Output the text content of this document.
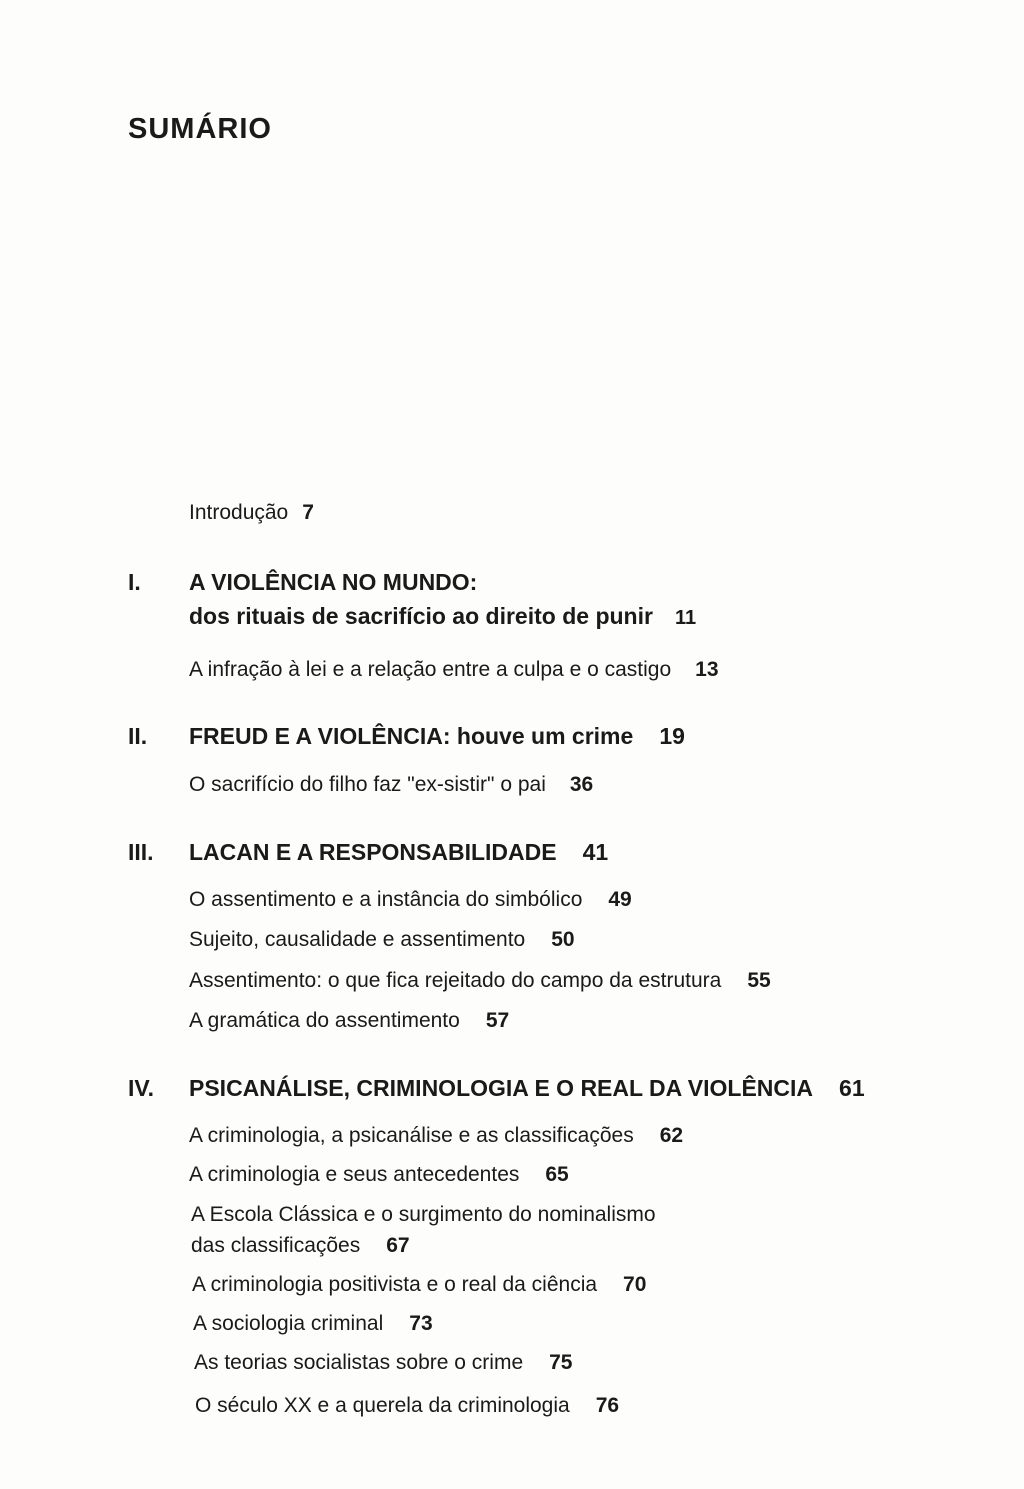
SUMÁRIO
Introdução 7
I. A VIOLÊNCIA NO MUNDO:
dos rituais de sacrifício ao direito de punir 11
A infração à lei e a relação entre a culpa e o castigo 13
II. FREUD E A VIOLÊNCIA: houve um crime 19
O sacrifício do filho faz "ex-sistir" o pai 36
III. LACAN E A RESPONSABILIDADE 41
O assentimento e a instância do simbólico 49
Sujeito, causalidade e assentimento 50
Assentimento: o que fica rejeitado do campo da estrutura 55
A gramática do assentimento 57
IV. PSICANÁLISE, CRIMINOLOGIA E O REAL DA VIOLÊNCIA 61
A criminologia, a psicanálise e as classificações 62
A criminologia e seus antecedentes 65
A Escola Clássica e o surgimento do nominalismo
das classificações 67
A criminologia positivista e o real da ciência 70
A sociologia criminal 73
As teorias socialistas sobre o crime 75
O século XX e a querela da criminologia 76
